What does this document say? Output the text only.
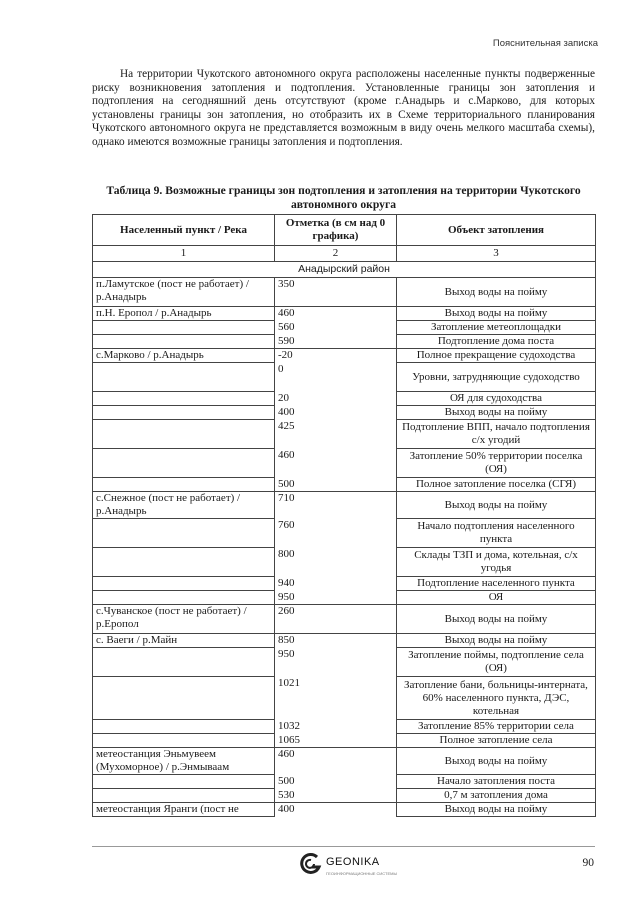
Пояснительная записка

На территории Чукотского автономного округа расположены населенные пункты подверженные риску возникновения затопления и подтопления. Установленные границы зон затопления и подтопления на сегодняшний день отсутствуют (кроме г.Анадырь и с.Марково, для которых установлены границы зон затопления, но отобразить их в Схеме территориального планирования Чукотского автономного округа не представляется возможным в виду очень мелкого масштаба схемы), однако имеются возможные границы затопления и подтопления.

Таблица 9. Возможные границы зон подтопления и затопления на территории Чукотского автономного округа

Населенный пункт / Река	Отметка (в см над 0 графика)	Объект затопления
1	2	3
Анадырский район		
п.Ламутское (пост не работает) / р.Анадырь	350	Выход воды на пойму
п.Н. Еропол / р.Анадырь	460	Выход воды на пойму
	560	Затопление метеоплощадки
	590	Подтопление дома поста
с.Марково / р.Анадырь	-20	Полное прекращение судоходства
	0	Уровни, затрудняющие судоходство
	20	ОЯ для судоходства
	400	Выход воды на пойму
	425	Подтопление ВПП, начало подтопления с/х угодий
	460	Затопление 50% территории поселка (ОЯ)
	500	Полное затопление поселка (СГЯ)
с.Снежное (пост не работает) / р.Анадырь	710	Выход воды на пойму
	760	Начало подтопления населенного пункта
	800	Склады ТЗП и дома, котельная, с/х угодья
	940	Подтопление населенного пункта
	950	ОЯ
с.Чуванское (пост не работает) / р.Еропол	260	Выход воды на пойму
с. Ваеги / р.Майн	850	Выход воды на пойму
	950	Затопление поймы, подтопление села (ОЯ)
	1021	Затопление бани, больницы-интерната, 60% населенного пункта, ДЭС, котельная
	1032	Затопление 85% территории села
	1065	Полное затопление села
метеостанция Эньмувеем (Мухоморное) / р.Энмываам	460	Выход воды на пойму
	500	Начало затопления поста
	530	0,7 м затопления дома
метеостанция Яранги (пост не	400	Выход воды на пойму
GEONIKA
ГЕОИНФОРМАЦИОННЫЕ СИСТЕМЫ
90
